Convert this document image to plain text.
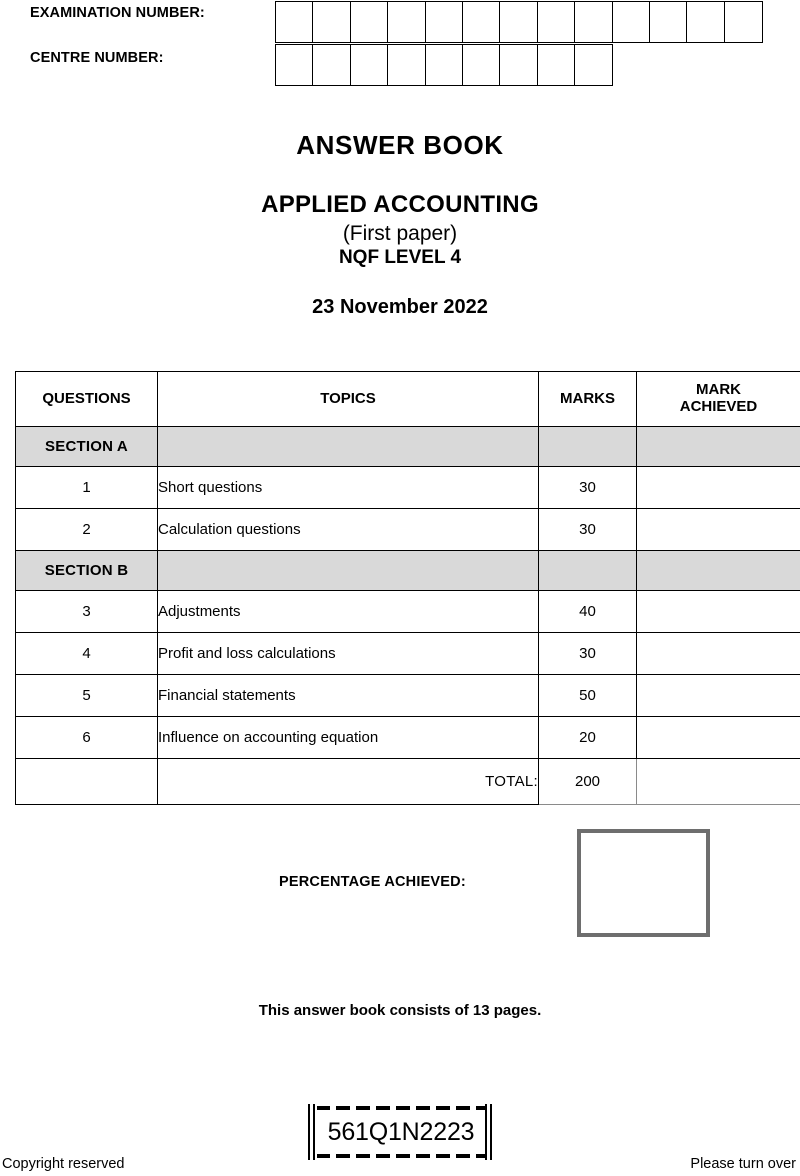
EXAMINATION NUMBER:
CENTRE NUMBER:
ANSWER BOOK
APPLIED ACCOUNTING
(First paper)
NQF LEVEL 4
23 November 2022
QUESTIONS	TOPICS	MARKS	MARK
ACHIEVED
SECTION A			
1	Short questions	30	
2	Calculation questions	30	
SECTION B			
3	Adjustments	40	
4	Profit and loss calculations	30	
5	Financial statements	50	
6	Influence on accounting equation	20	
	TOTAL:	200	
PERCENTAGE ACHIEVED:
This answer book consists of 13 pages.
561Q1N2223
Copyright reserved	Please turn over
